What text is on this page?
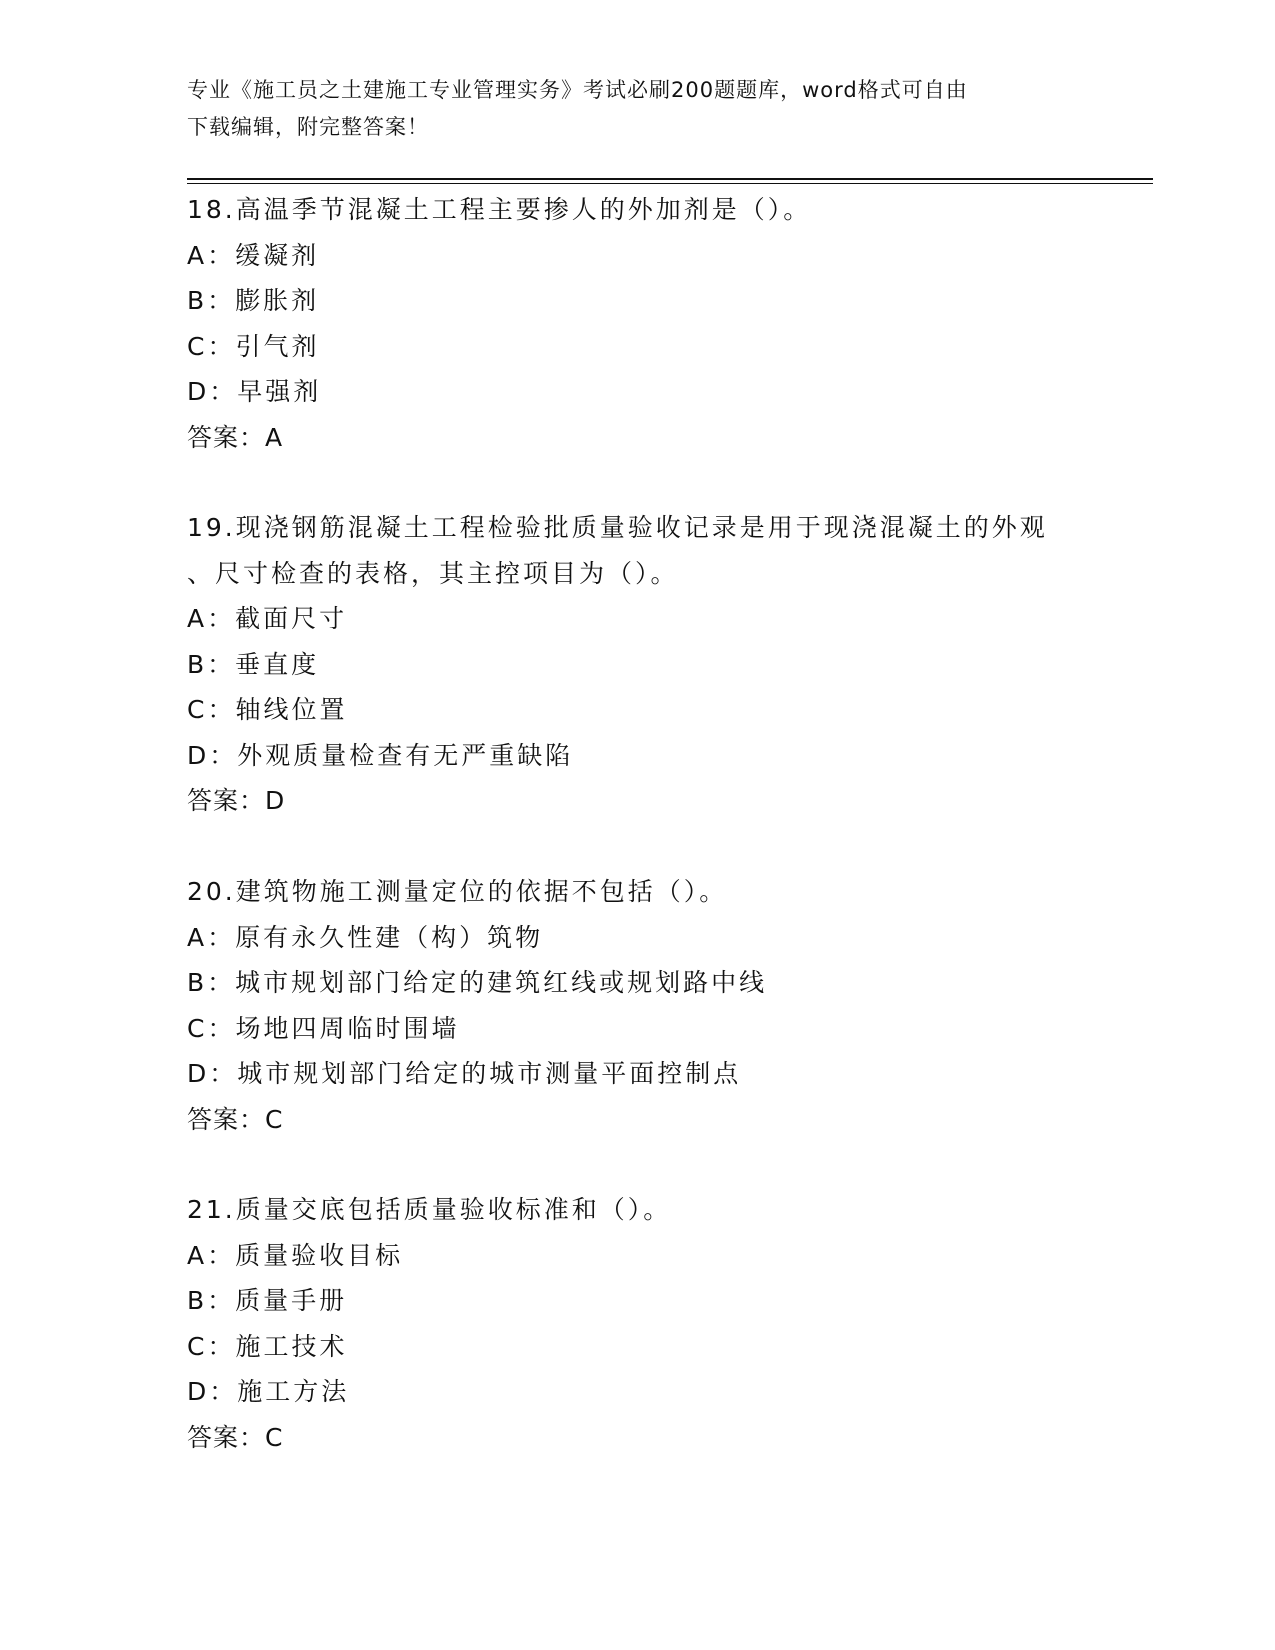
专业《施工员之土建施工专业管理实务》考试必刷200题题库，word格式可自由
下载编辑，附完整答案！
18.高温季节混凝土工程主要掺人的外加剂是（）。
A：缓凝剂
B：膨胀剂
C：引气剂
D：早强剂
答案：A
19.现浇钢筋混凝土工程检验批质量验收记录是用于现浇混凝土的外观
、尺寸检查的表格，其主控项目为（）。
A：截面尺寸
B：垂直度
C：轴线位置
D：外观质量检查有无严重缺陷
答案：D
20.建筑物施工测量定位的依据不包括（）。
A：原有永久性建（构）筑物
B：城市规划部门给定的建筑红线或规划路中线
C：场地四周临时围墙
D：城市规划部门给定的城市测量平面控制点
答案：C
21.质量交底包括质量验收标准和（）。
A：质量验收目标
B：质量手册
C：施工技术
D：施工方法
答案：C
